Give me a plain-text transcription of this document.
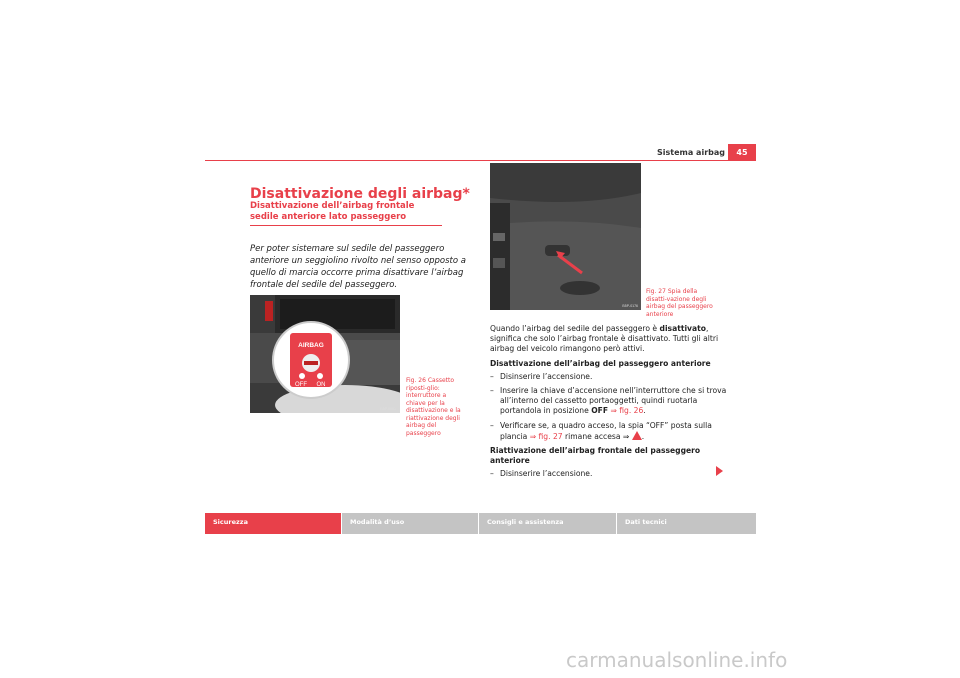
Sistema airbag	45
Disattivazione degli airbag*
Disattivazione dell’airbag frontale sedile anteriore lato passeggero
Per poter sistemare sul sedile del passeggero anteriore un seggiolino rivolto nel senso opposto a quello di marcia occorre prima disattivare l’airbag frontale del sedile del passeggero.
AIRBAG
OFF ON
B5P-0061
Fig. 26 Cassetto riposti-glio: interruttore a chiave per la disattivazione e la riattivazione degli airbag del passeggero
B5P-0176
Fig. 27 Spia della disatti-vazione degli airbag del passeggero anteriore

Quando l’airbag del sedile del passeggero è disattivato, significa che solo l’airbag frontale è disattivato. Tutti gli altri airbag del veicolo rimangono però attivi.

Disattivazione dell’airbag del passeggero anteriore
– Disinserire l’accensione.
– Inserire la chiave d’accensione nell’interruttore che si trova all’interno del cassetto portaoggetti, quindi ruotarla portandola in posizione OFF ⇒ fig. 26.
– Verificare se, a quadro acceso, la spia “OFF” posta sulla plancia ⇒ fig. 27 rimane accesa ⇒ .
Riattivazione dell’airbag frontale del passeggero anteriore
– Disinserire l’accensione.
Sicurezza	Modalità d’uso	Consigli e assistenza	Dati tecnici
carmanualsonline.info
